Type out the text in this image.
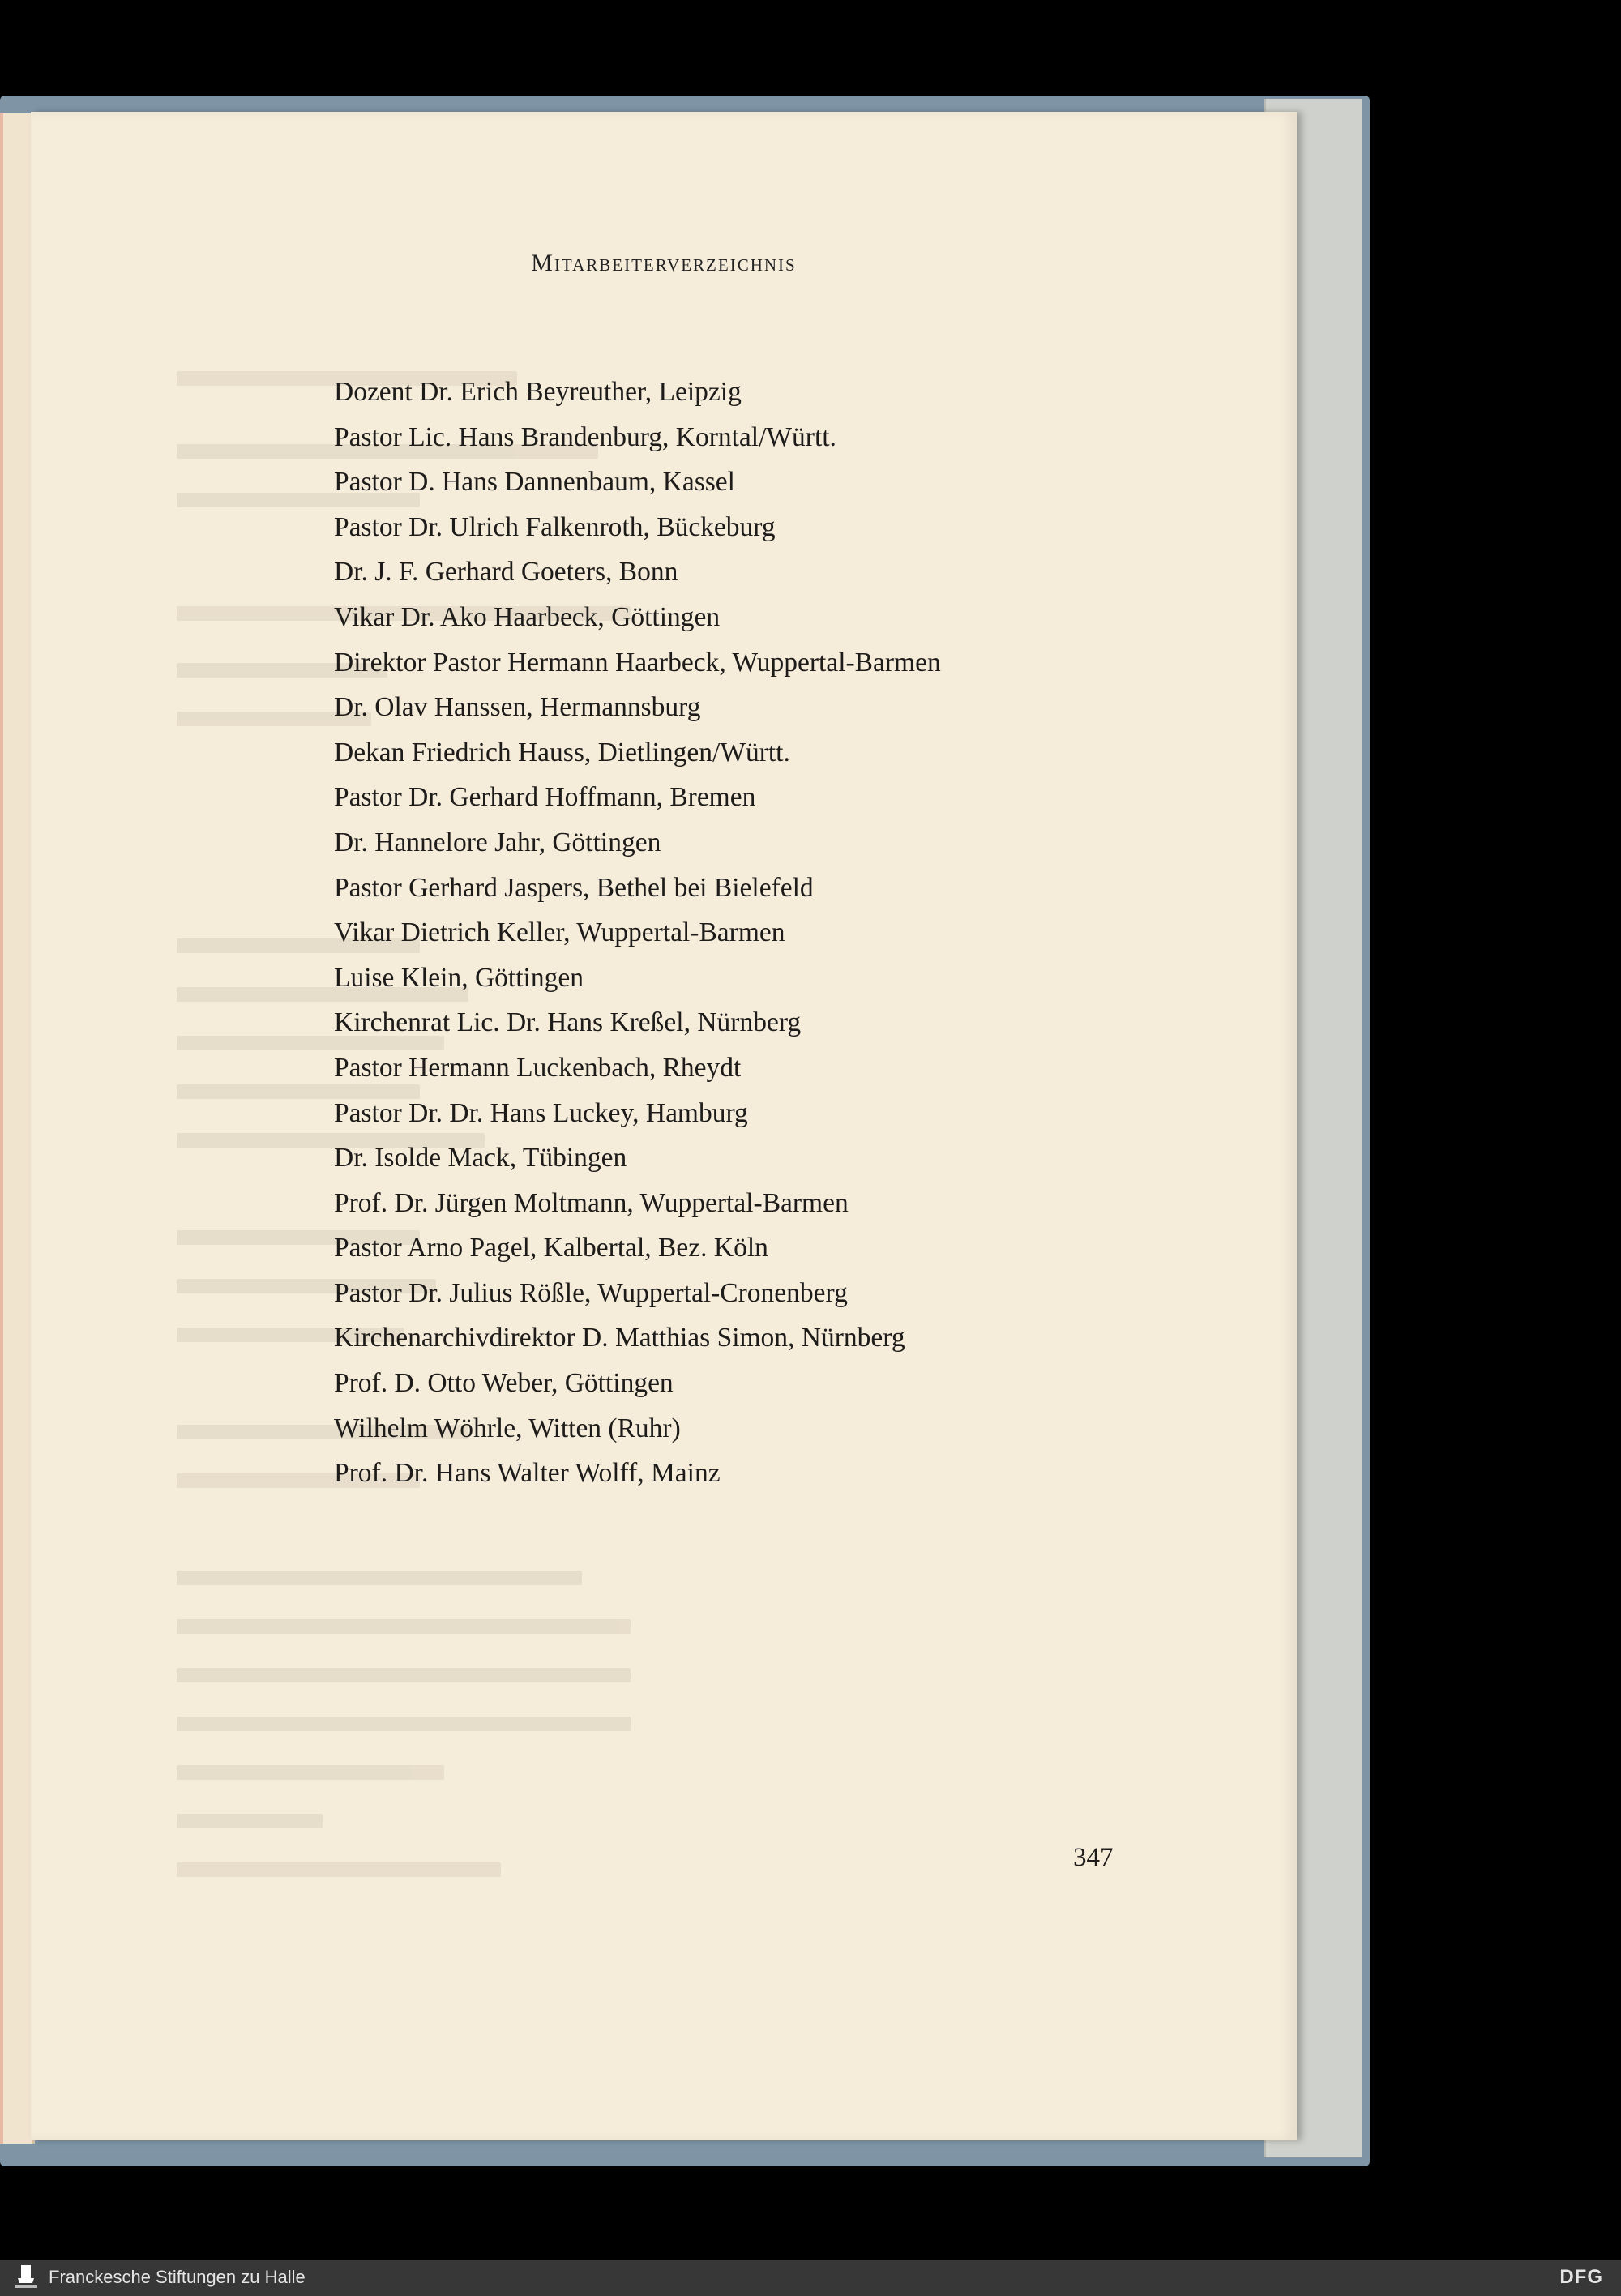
Mitarbeiterverzeichnis
Dozent Dr. Erich Beyreuther, Leipzig
Pastor Lic. Hans Brandenburg, Korntal/Württ.
Pastor D. Hans Dannenbaum, Kassel
Pastor Dr. Ulrich Falkenroth, Bückeburg
Dr. J. F. Gerhard Goeters, Bonn
Vikar Dr. Ako Haarbeck, Göttingen
Direktor Pastor Hermann Haarbeck, Wuppertal-Barmen
Dr. Olav Hanssen, Hermannsburg
Dekan Friedrich Hauss, Dietlingen/Württ.
Pastor Dr. Gerhard Hoffmann, Bremen
Dr. Hannelore Jahr, Göttingen
Pastor Gerhard Jaspers, Bethel bei Bielefeld
Vikar Dietrich Keller, Wuppertal-Barmen
Luise Klein, Göttingen
Kirchenrat Lic. Dr. Hans Kreßel, Nürnberg
Pastor Hermann Luckenbach, Rheydt
Pastor Dr. Dr. Hans Luckey, Hamburg
Dr. Isolde Mack, Tübingen
Prof. Dr. Jürgen Moltmann, Wuppertal-Barmen
Pastor Arno Pagel, Kalbertal, Bez. Köln
Pastor Dr. Julius Rößle, Wuppertal-Cronenberg
Kirchenarchivdirektor D. Matthias Simon, Nürnberg
Prof. D. Otto Weber, Göttingen
Wilhelm Wöhrle, Witten (Ruhr)
Prof. Dr. Hans Walter Wolff, Mainz
347
Franckesche Stiftungen zu Halle	DFG
